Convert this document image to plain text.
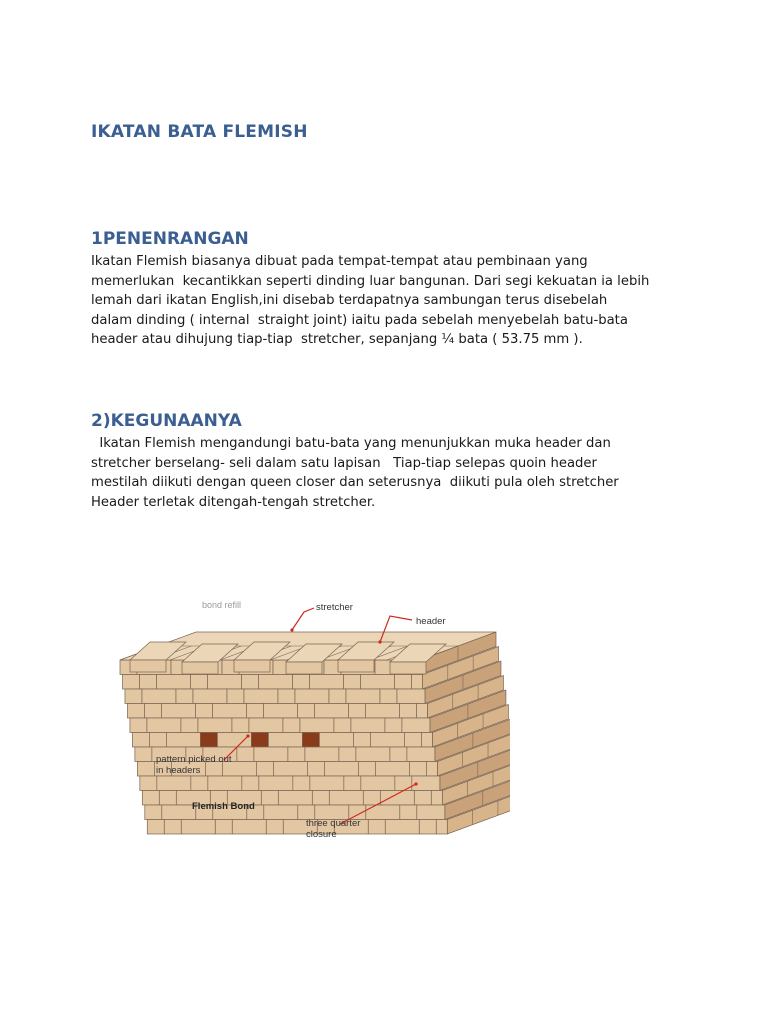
IKATAN BATA FLEMISH
1PENENRANGAN
Ikatan Flemish biasanya dibuat pada tempat-tempat atau pembinaan yang
memerlukan  kecantikkan seperti dinding luar bangunan. Dari segi kekuatan ia lebih
lemah dari ikatan English,ini disebab terdapatnya sambungan terus disebelah
dalam dinding ( internal  straight joint) iaitu pada sebelah menyebelah batu-bata
header atau dihujung tiap-tiap  stretcher, sepanjang ¼ bata ( 53.75 mm ).
2)KEGUNAANYA
Ikatan Flemish mengandungi batu-bata yang menunjukkan muka header dan
stretcher berselang- seli dalam satu lapisan   Tiap-tiap selepas quoin header
mestilah diikuti dengan queen closer dan seterusnya  diikuti pula oleh stretcher
Header terletak ditengah-tengah stretcher.
bond refill	stretcher
header
pattern picked out
in headers
Flemish Bond
three quarter
closure
